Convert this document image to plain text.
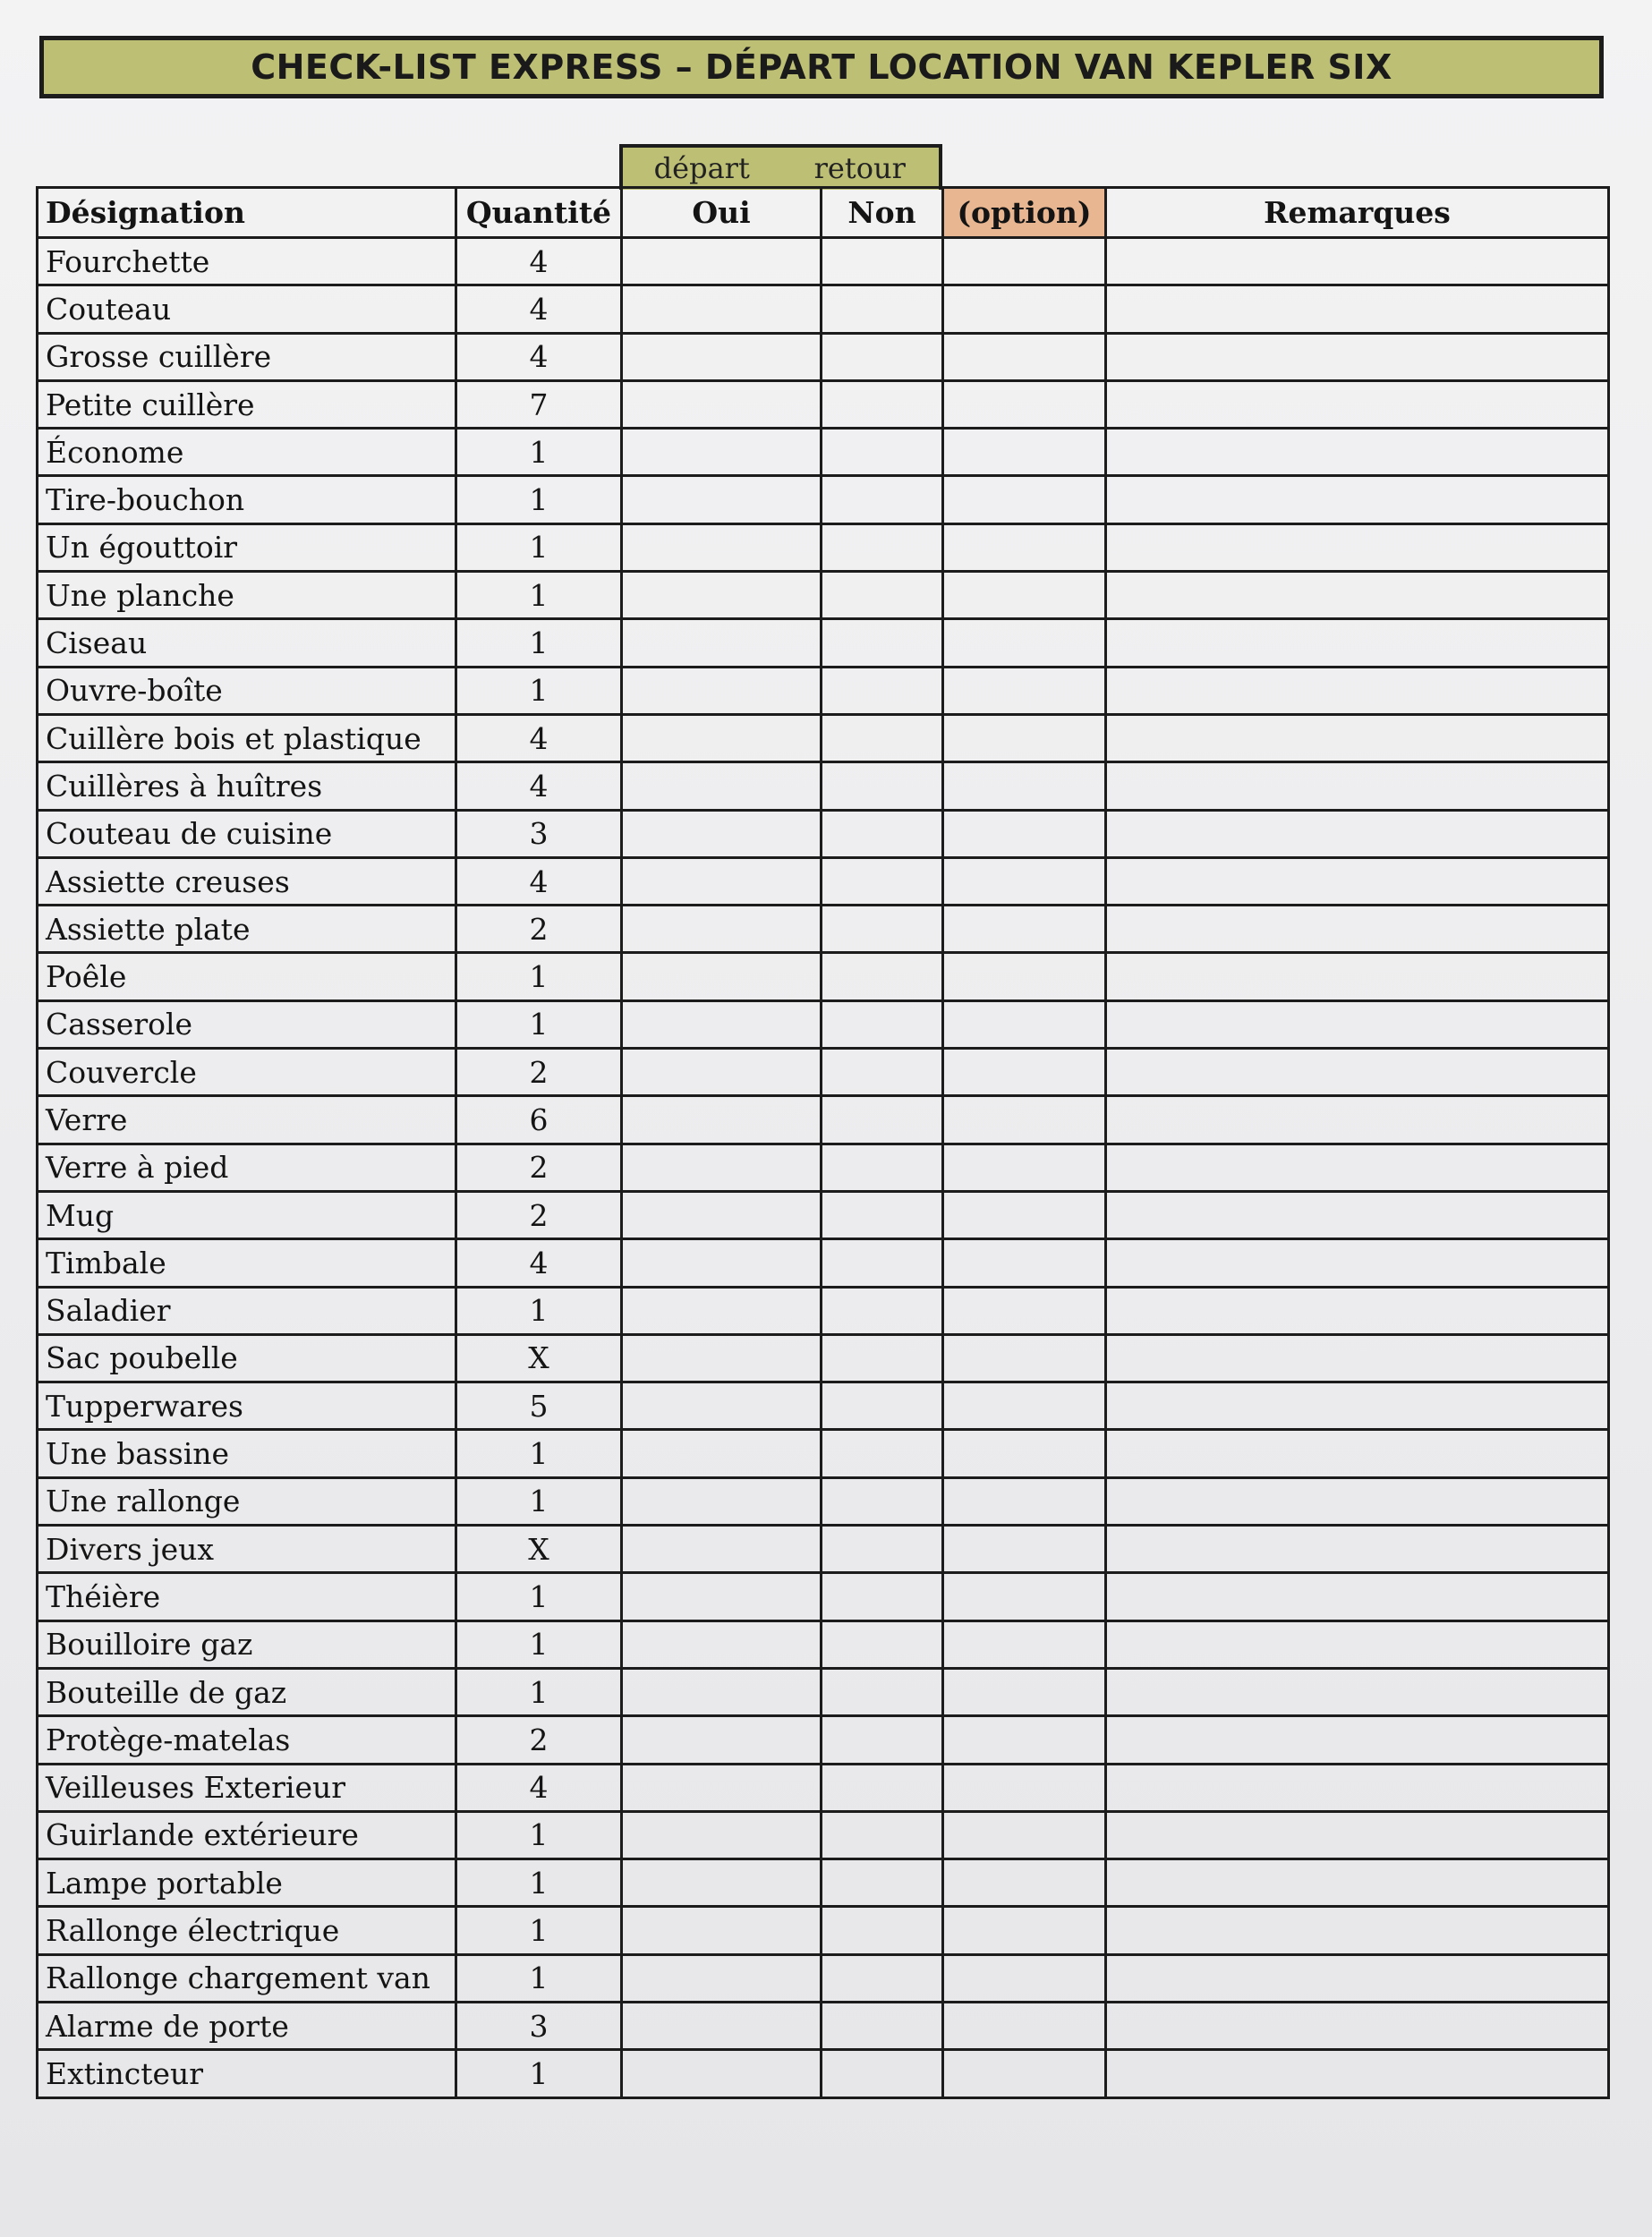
CHECK-LIST EXPRESS – DÉPART LOCATION VAN KEPLER SIX
départ	retour
Désignation	Quantité	Oui	Non	(option)	Remarques
Fourchette	4				
Couteau	4				
Grosse cuillère	4				
Petite cuillère	7				
Économe	1				
Tire-bouchon	1				
Un égouttoir	1				
Une planche	1				
Ciseau	1				
Ouvre-boîte	1				
Cuillère bois et plastique	4				
Cuillères à huîtres	4				
Couteau de cuisine	3				
Assiette creuses	4				
Assiette plate	2				
Poêle	1				
Casserole	1				
Couvercle	2				
Verre	6				
Verre à pied	2				
Mug	2				
Timbale	4				
Saladier	1				
Sac poubelle	X				
Tupperwares	5				
Une bassine	1				
Une rallonge	1				
Divers jeux	X				
Théière	1				
Bouilloire gaz	1				
Bouteille de gaz	1				
Protège-matelas	2				
Veilleuses Exterieur	4				
Guirlande extérieure	1				
Lampe portable	1				
Rallonge électrique	1				
Rallonge chargement van	1				
Alarme de porte	3				
Extincteur	1				
